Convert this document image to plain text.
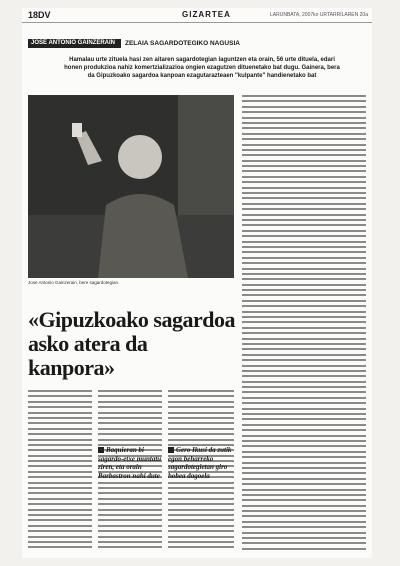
18DV	GIZARTEA	LARUNBATA, 2007ko URTARRILAREN 20a
JOSE ANTONIO GAINZERAIN	ZELAIA SAGARDOTEGIKO NAGUSIA
Hamalau urte zituela hasi zen aitaren sagardotegian laguntzen eta orain, 56 urte dituela, edari honen produkzioa nahiz komertzializazioa ongien ezagutzen dituenetako bat dugu. Gainera, bera da Gipuzkoako sagardoa kanpoan ezagutarazteaen "kulpante" handienetako bat
Jose Antonio Gainzerain, bere sagardotegian.
«Gipuzkoako sagardoa asko atera da kanpora»
Baquieran bi sagardo-etxe muntatu ziren, eta orain Barbastron nahi dute
Gero Ikusi da zutik egon beharreko sagardotegietan giro hobea dagoela
